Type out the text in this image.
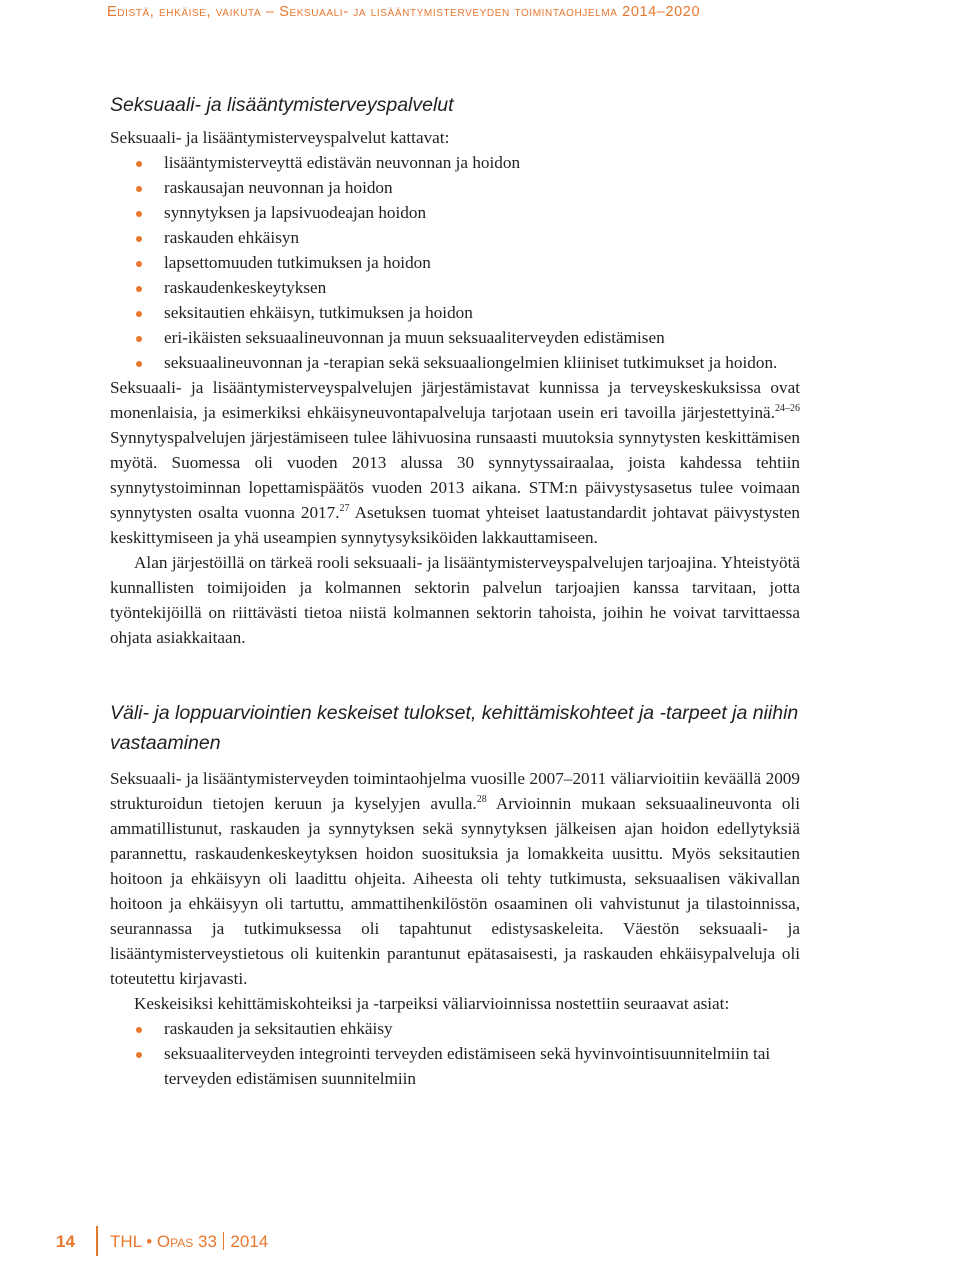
Edistä, ehkäise, vaikuta – Seksuaali- ja lisääntymisterveyden toimintaohjelma 2014–2020
Seksuaali- ja lisääntymisterveyspalvelut

Seksuaali- ja lisääntymisterveyspalvelut kattavat:

lisääntymisterveyttä edistävän neuvonnan ja hoidon
raskausajan neuvonnan ja hoidon
synnytyksen ja lapsivuodeajan hoidon
raskauden ehkäisyn
lapsettomuuden tutkimuksen ja hoidon
raskaudenkeskeytyksen
seksitautien ehkäisyn, tutkimuksen ja hoidon
eri-ikäisten seksuaalineuvonnan ja muun seksuaaliterveyden edistämisen
seksuaalineuvonnan ja -terapian sekä seksuaaliongelmien kliiniset tutkimukset ja hoidon.

Seksuaali- ja lisääntymisterveyspalvelujen järjestämistavat kunnissa ja terveyskeskuksissa ovat monenlaisia, ja esimerkiksi ehkäisyneuvontapalveluja tarjotaan usein eri tavoilla järjestettyinä.$^{24-26}$ Synnytyspalvelujen järjestämiseen tulee lähivuosina runsaasti muutoksia synnytysten keskittämisen myötä. Suomessa oli vuoden 2013 alussa 30 synnytyssairaalaa, joista kahdessa tehtiin synnytystoiminnan lopettamispäätös vuoden 2013 aikana. STM:n päivystysasetus tulee voimaan synnytysten osalta vuonna 2017.27 Asetuksen tuomat yhteiset laatustandardit johtavat päivystysten keskittymiseen ja yhä useampien synnytysyksiköiden lakkauttamiseen.

Alan järjestöillä on tärkeä rooli seksuaali- ja lisääntymisterveyspalvelujen tarjoajina. Yhteistyötä kunnallisten toimijoiden ja kolmannen sektorin palvelun tarjoajien kanssa tarvitaan, jotta työntekijöillä on riittävästi tietoa niistä kolmannen sektorin tahoista, joihin he voivat tarvittaessa ohjata asiakkaitaan.

Väli- ja loppuarviointien keskeiset tulokset, kehittämiskohteet ja -tarpeet ja niihin vastaaminen

Seksuaali- ja lisääntymisterveyden toimintaohjelma vuosille 2007–2011 väliarvioitiin keväällä 2009 strukturoidun tietojen keruun ja kyselyjen avulla.$^{28}$ Arvioinnin mukaan seksuaalineuvonta oli ammatillistunut, raskauden ja synnytyksen sekä synnytyksen jälkeisen ajan hoidon edellytyksiä parannettu, raskaudenkeskeytyksen hoidon suosituksia ja lomakkeita uusittu. Myös seksitautien hoitoon ja ehkäisyyn oli laadittu ohjeita. Aiheesta oli tehty tutkimusta, seksuaalisen väkivallan hoitoon ja ehkäisyyn oli tartuttu, ammattihenkilöstön osaaminen oli vahvistunut ja tilastoinnissa, seurannassa ja tutkimuksessa oli tapahtunut edistysaskeleita. Väestön seksuaali- ja lisääntymisterveystietous oli kuitenkin parantunut epätasaisesti, ja raskauden ehkäisypalveluja oli toteutettu kirjavasti.

Keskeisiksi kehittämiskohteiksi ja -tarpeiksi väliarvioinnissa nostettiin seuraavat asiat:

raskauden ja seksitautien ehkäisy
seksuaaliterveyden integrointi terveyden edistämiseen sekä hyvinvointisuunnitelmiin tai terveyden edistämisen suunnitelmiin
14 THL • Opas 33 2014
